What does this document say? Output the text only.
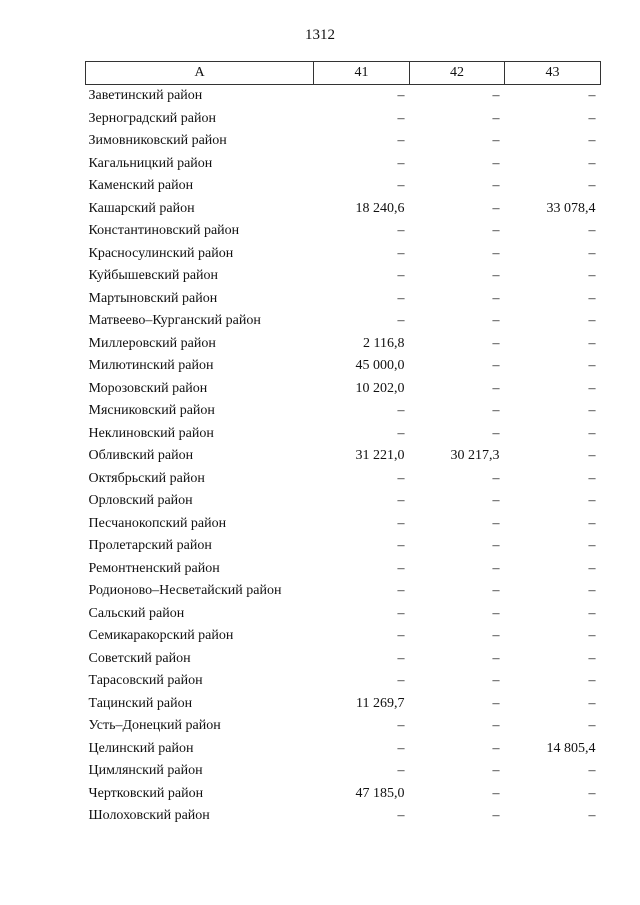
1312
А	41	42	43
Заветинский район	–	–	–
Зерноградский район	–	–	–
Зимовниковский район	–	–	–
Кагальницкий район	–	–	–
Каменский район	–	–	–
Кашарский район	18 240,6	–	33 078,4
Константиновский район	–	–	–
Красносулинский район	–	–	–
Куйбышевский район	–	–	–
Мартыновский район	–	–	–
Матвеево–Курганский район	–	–	–
Миллеровский район	2 116,8	–	–
Милютинский район	45 000,0	–	–
Морозовский район	10 202,0	–	–
Мясниковский район	–	–	–
Неклиновский район	–	–	–
Обливский район	31 221,0	30 217,3	–
Октябрьский район	–	–	–
Орловский район	–	–	–
Песчанокопский район	–	–	–
Пролетарский район	–	–	–
Ремонтненский район	–	–	–
Родионово–Несветайский район	–	–	–
Сальский район	–	–	–
Семикаракорский район	–	–	–
Советский район	–	–	–
Тарасовский район	–	–	–
Тацинский район	11 269,7	–	–
Усть–Донецкий район	–	–	–
Целинский район	–	–	14 805,4
Цимлянский район	–	–	–
Чертковский район	47 185,0	–	–
Шолоховский район	–	–	–
